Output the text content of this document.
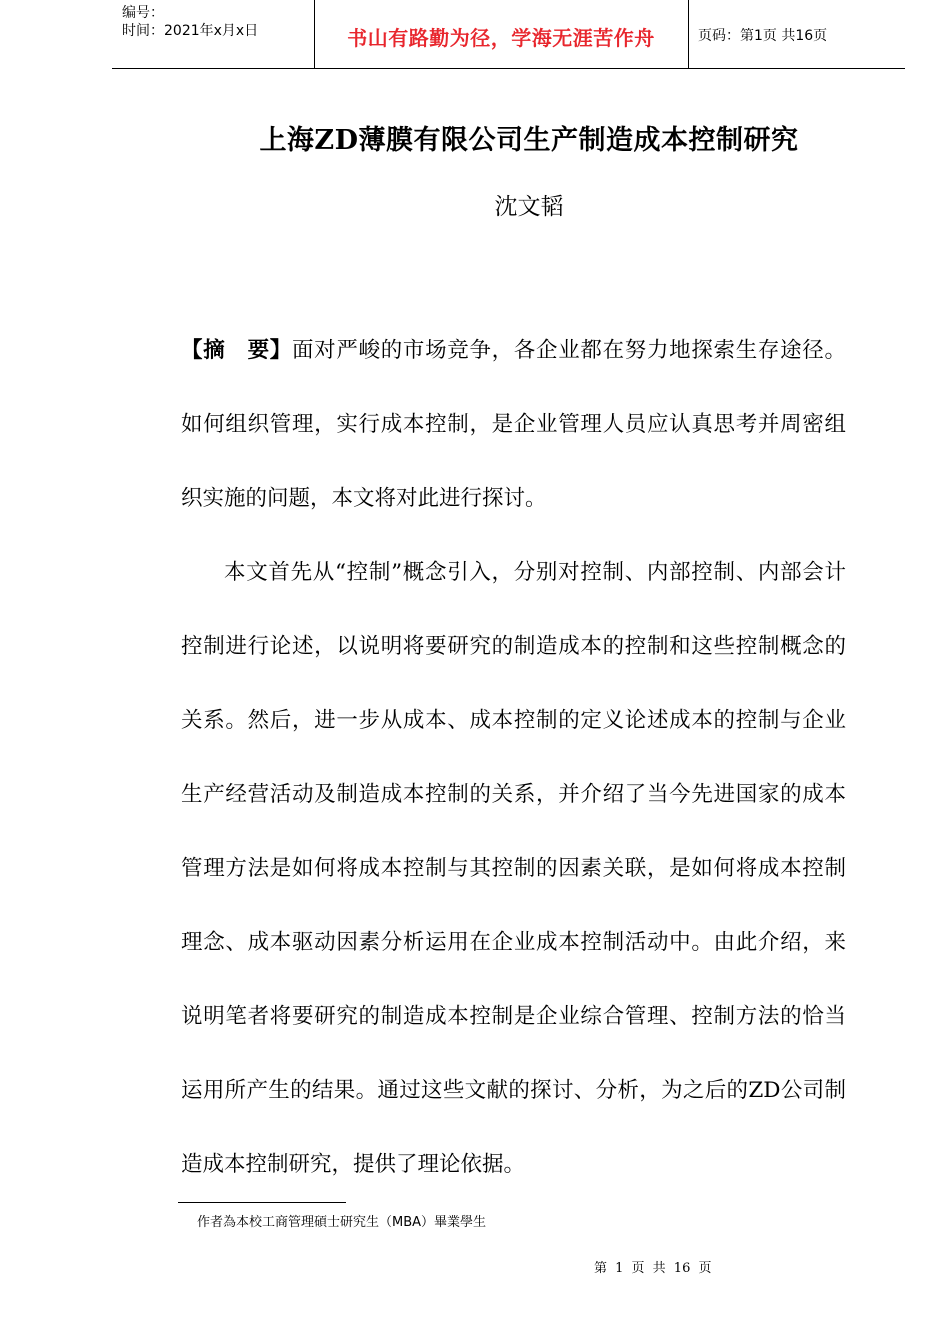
编号：
时间：2021年x月x日	书山有路勤为径，学海无涯苦作舟	页码：第1页 共16页
上海ZD薄膜有限公司生产制造成本控制研究
沈文韬

【摘　要】面对严峻的市场竞争，各企业都在努力地探索生存途径。如何组织管理，实行成本控制，是企业管理人员应认真思考并周密组织实施的问题，本文将对此进行探讨。

本文首先从“控制”概念引入，分别对控制、内部控制、内部会计控制进行论述，以说明将要研究的制造成本的控制和这些控制概念的关系。然后，进一步从成本、成本控制的定义论述成本的控制与企业生产经营活动及制造成本控制的关系，并介绍了当今先进国家的成本管理方法是如何将成本控制与其控制的因素关联，是如何将成本控制理念、成本驱动因素分析运用在企业成本控制活动中。由此介绍，来说明笔者将要研究的制造成本控制是企业综合管理、控制方法的恰当运用所产生的结果。通过这些文献的探讨、分析，为之后的ZD公司制造成本控制研究，提供了理论依据。

作者為本校工商管理碩士研究生（MBA）畢業學生
第 1 页 共 16 页
